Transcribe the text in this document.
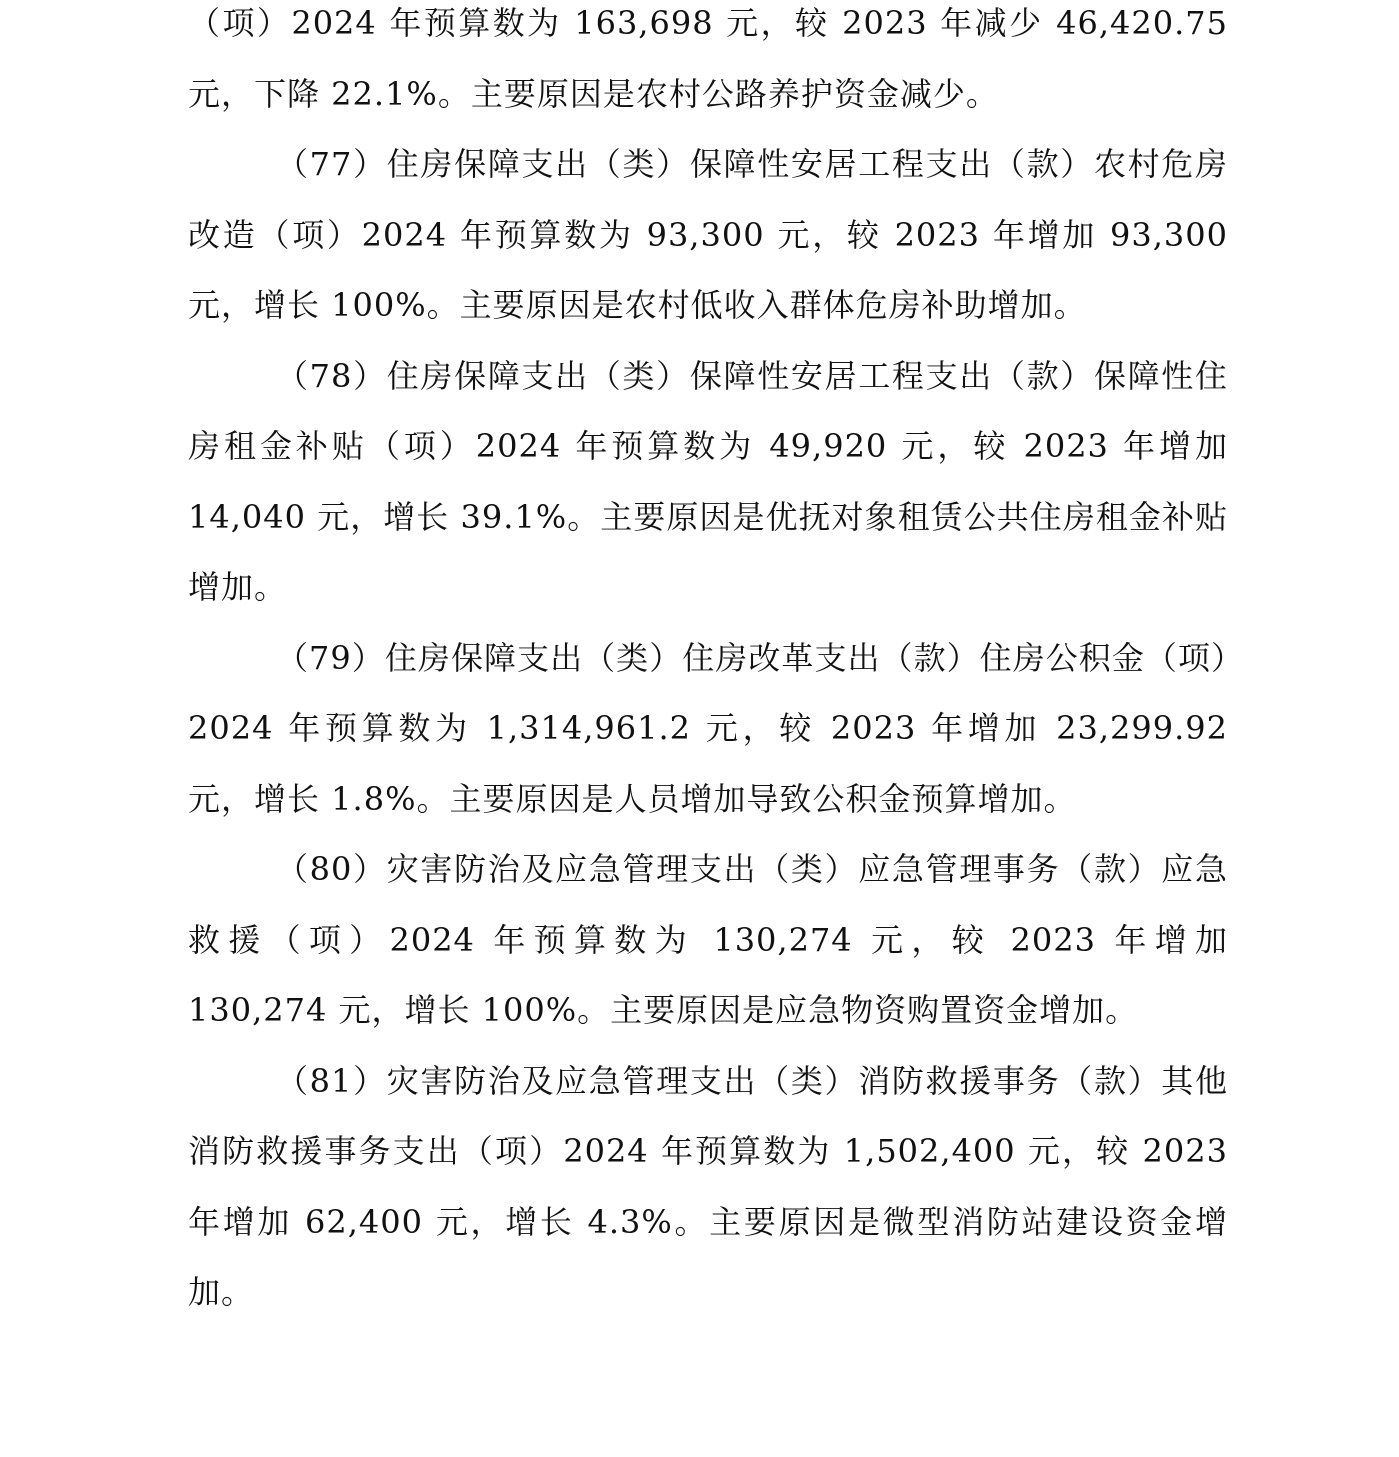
（项）2024 年预算数为 163,698 元，较 2023 年减少 46,420.75 元，下降 22.1%。主要原因是农村公路养护资金减少。

（77）住房保障支出（类）保障性安居工程支出（款）农村危房改造（项）2024 年预算数为 93,300 元，较 2023 年增加 93,300 元，增长 100%。主要原因是农村低收入群体危房补助增加。

（78）住房保障支出（类）保障性安居工程支出（款）保障性住房租金补贴（项）2024 年预算数为 49,920 元，较 2023 年增加 14,040 元，增长 39.1%。主要原因是优抚对象租赁公共住房租金补贴增加。

（79）住房保障支出（类）住房改革支出（款）住房公积金（项）2024 年预算数为 1,314,961.2 元，较 2023 年增加 23,299.92 元，增长 1.8%。主要原因是人员增加导致公积金预算增加。

（80）灾害防治及应急管理支出（类）应急管理事务（款）应急救援（项）2024 年预算数为 130,274 元，较 2023 年增加 130,274 元，增长 100%。主要原因是应急物资购置资金增加。

（81）灾害防治及应急管理支出（类）消防救援事务（款）其他消防救援事务支出（项）2024 年预算数为 1,502,400 元，较 2023 年增加 62,400 元，增长 4.3%。主要原因是微型消防站建设资金增加。
